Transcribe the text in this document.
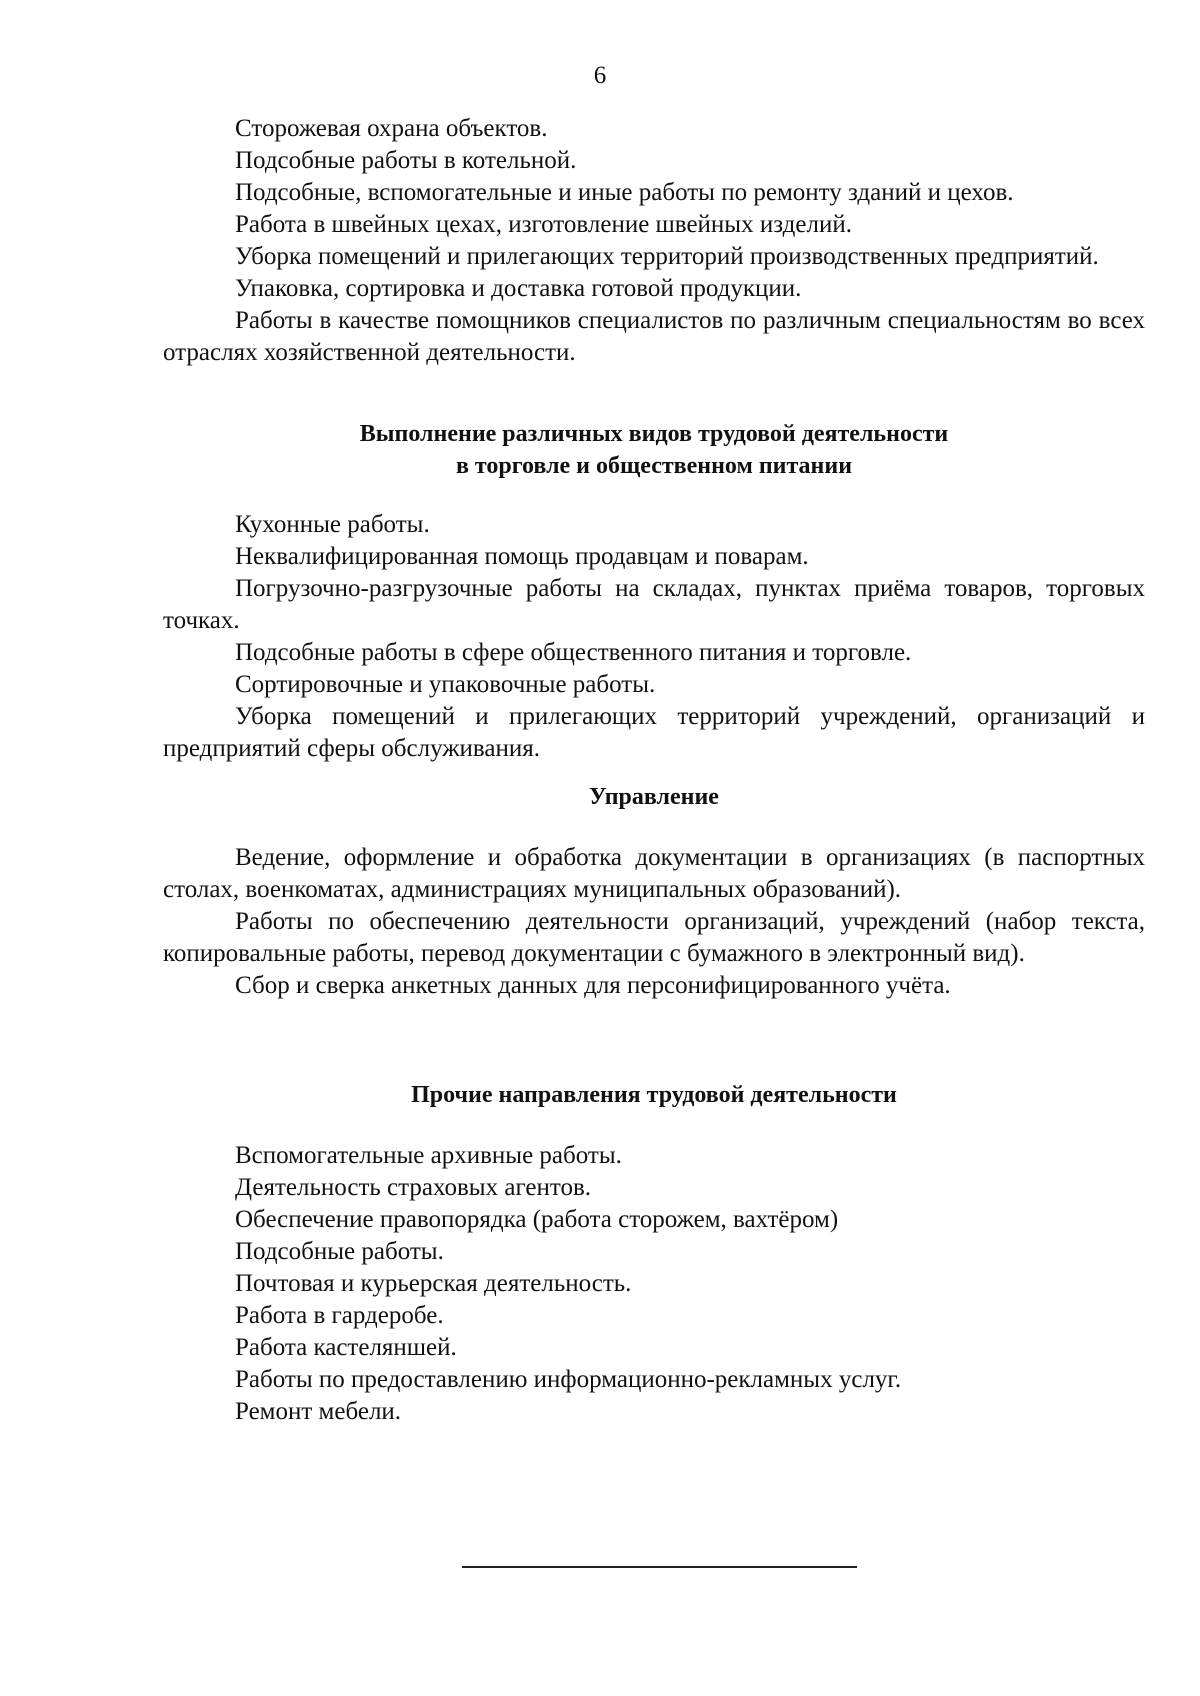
6

Сторожевая охрана объектов.

Подсобные работы в котельной.

Подсобные, вспомогательные и иные работы по ремонту зданий и цехов.

Работа в швейных цехах, изготовление швейных изделий.

Уборка помещений и прилегающих территорий производственных предприятий.

Упаковка, сортировка и доставка готовой продукции.

Работы в качестве помощников специалистов по различным специальностям во всех отраслях хозяйственной деятельности.

Выполнение различных видов трудовой деятельности
в торговле и общественном питании

Кухонные работы.

Неквалифицированная помощь продавцам и поварам.

Погрузочно-разгрузочные работы на складах, пунктах приёма товаров, торговых точках.

Подсобные работы в сфере общественного питания и торговле.

Сортировочные и упаковочные работы.

Уборка помещений и прилегающих территорий учреждений, организаций и предприятий сферы обслуживания.

Управление

Ведение, оформление и обработка документации в организациях (в паспортных столах, военкоматах, администрациях муниципальных образований).

Работы по обеспечению деятельности организаций, учреждений (набор текста, копировальные работы, перевод документации с бумажного в электронный вид).

Сбор и сверка анкетных данных для персонифицированного учёта.

Прочие направления трудовой деятельности

Вспомогательные архивные работы.

Деятельность страховых агентов.

Обеспечение правопорядка (работа сторожем, вахтёром)

Подсобные работы.

Почтовая и курьерская деятельность.

Работа в гардеробе.

Работа кастеляншей.

Работы по предоставлению информационно-рекламных услуг.

Ремонт мебели.
